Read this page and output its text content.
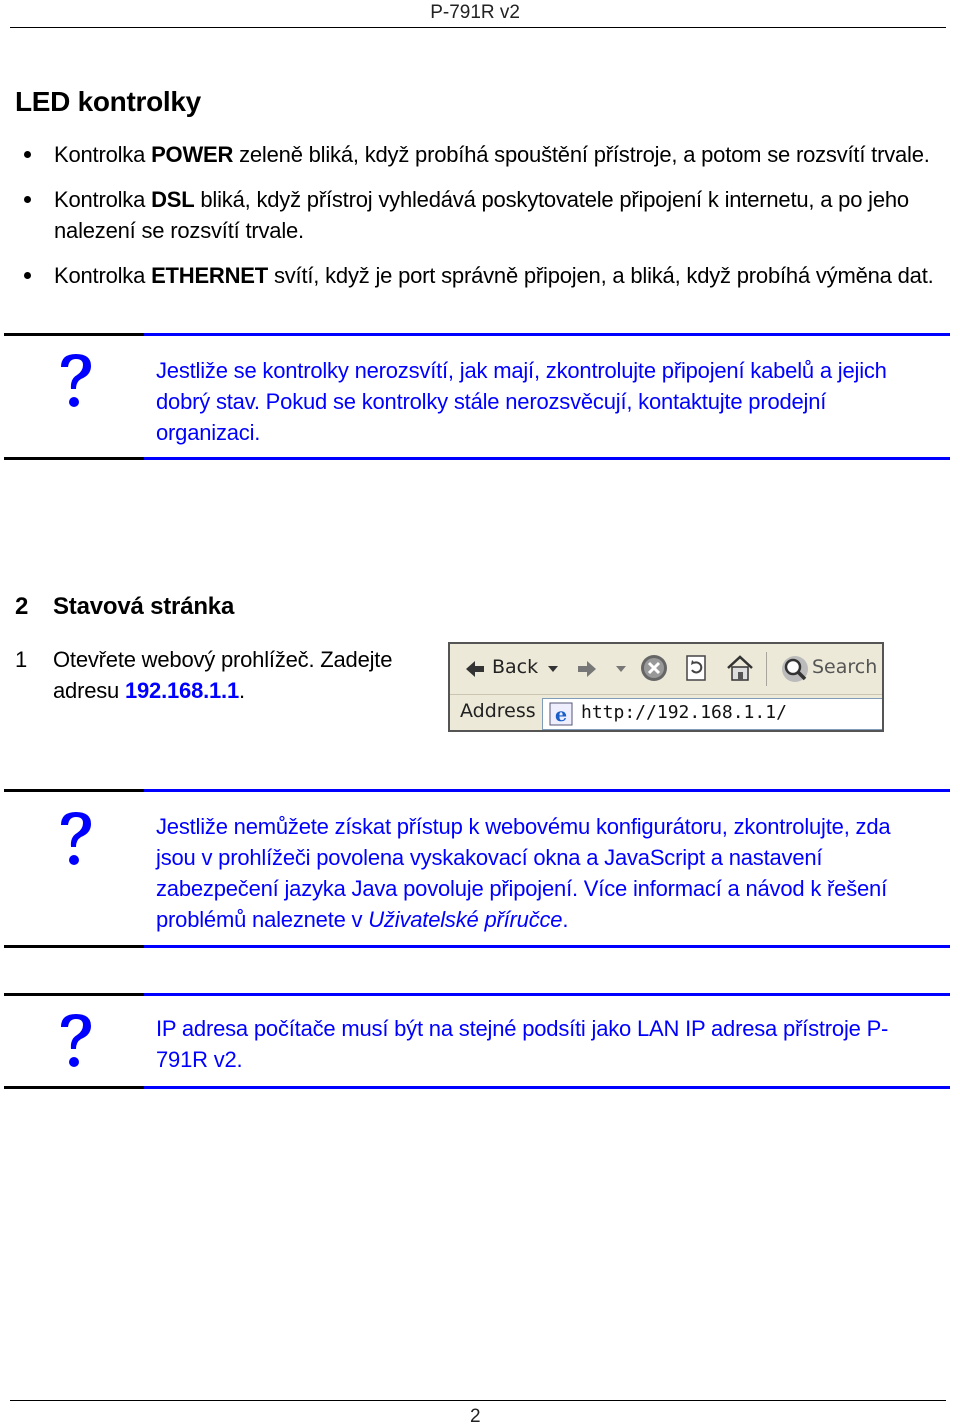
P-791R v2
LED kontrolky
Kontrolka POWER zeleně bliká, když probíhá spouštění přístroje, a potom se rozsvítí trvale.
Kontrolka DSL bliká, když přístroj vyhledává poskytovatele připojení k internetu, a po jeho nalezení se rozsvítí trvale.
Kontrolka ETHERNET svítí, když je port správně připojen, a bliká, když probíhá výměna dat.
Jestliže se kontrolky nerozsvítí, jak mají, zkontrolujte připojení kabelů a jejich dobrý stav. Pokud se kontrolky stále nerozsvěcují, kontaktujte prodejní organizaci.
2 Stavová stránka
1	Otevřete webový prohlížeč. Zadejte adresu 192.168.1.1.
Back	Search
Address e http://192.168.1.1/
Jestliže nemůžete získat přístup k webovému konfigurátoru, zkontrolujte, zda jsou v prohlížeči povolena vyskakovací okna a JavaScript a nastavení zabezpečení jazyka Java povoluje připojení. Více informací a návod k řešení problémů naleznete v Uživatelské příručce.
IP adresa počítače musí být na stejné podsíti jako LAN IP adresa přístroje P-791R v2.
2
